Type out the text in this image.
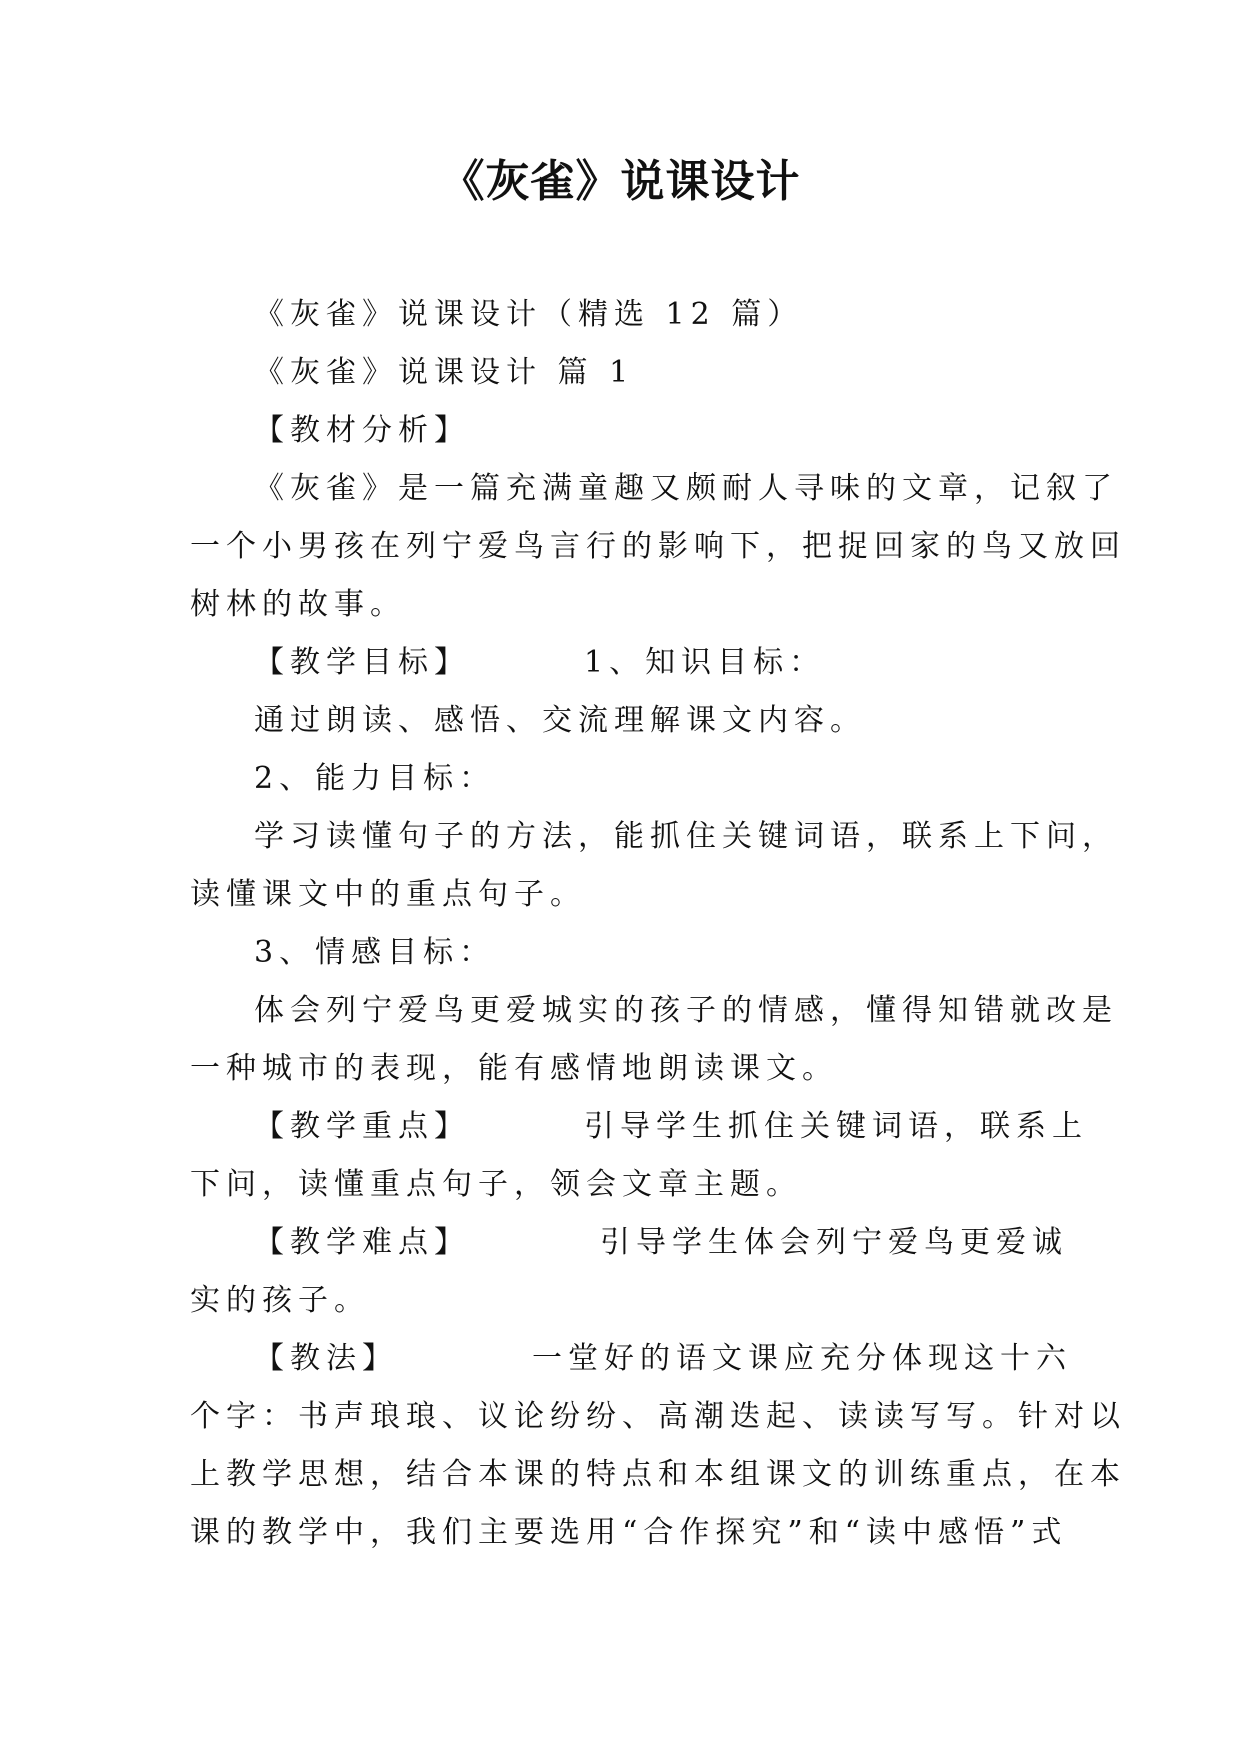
《灰雀》说课设计
《灰雀》说课设计（精选 12 篇）
《灰雀》说课设计 篇 1
【教材分析】
《灰雀》是一篇充满童趣又颇耐人寻味的文章，记叙了
一个小男孩在列宁爱鸟言行的影响下，把捉回家的鸟又放回
树林的故事。
【教学目标】	1、知识目标：
通过朗读、感悟、交流理解课文内容。
2、能力目标：
学习读懂句子的方法，能抓住关键词语，联系上下问，
读懂课文中的重点句子。
3、情感目标：
体会列宁爱鸟更爱城实的孩子的情感，懂得知错就改是
一种城市的表现，能有感情地朗读课文。
【教学重点】	引导学生抓住关键词语，联系上
下问，读懂重点句子，领会文章主题。
【教学难点】	引导学生体会列宁爱鸟更爱诚
实的孩子。
【教法】	一堂好的语文课应充分体现这十六
个字：书声琅琅、议论纷纷、高潮迭起、读读写写。针对以
上教学思想，结合本课的特点和本组课文的训练重点，在本
课的教学中，我们主要选用“合作探究”和“读中感悟”式
